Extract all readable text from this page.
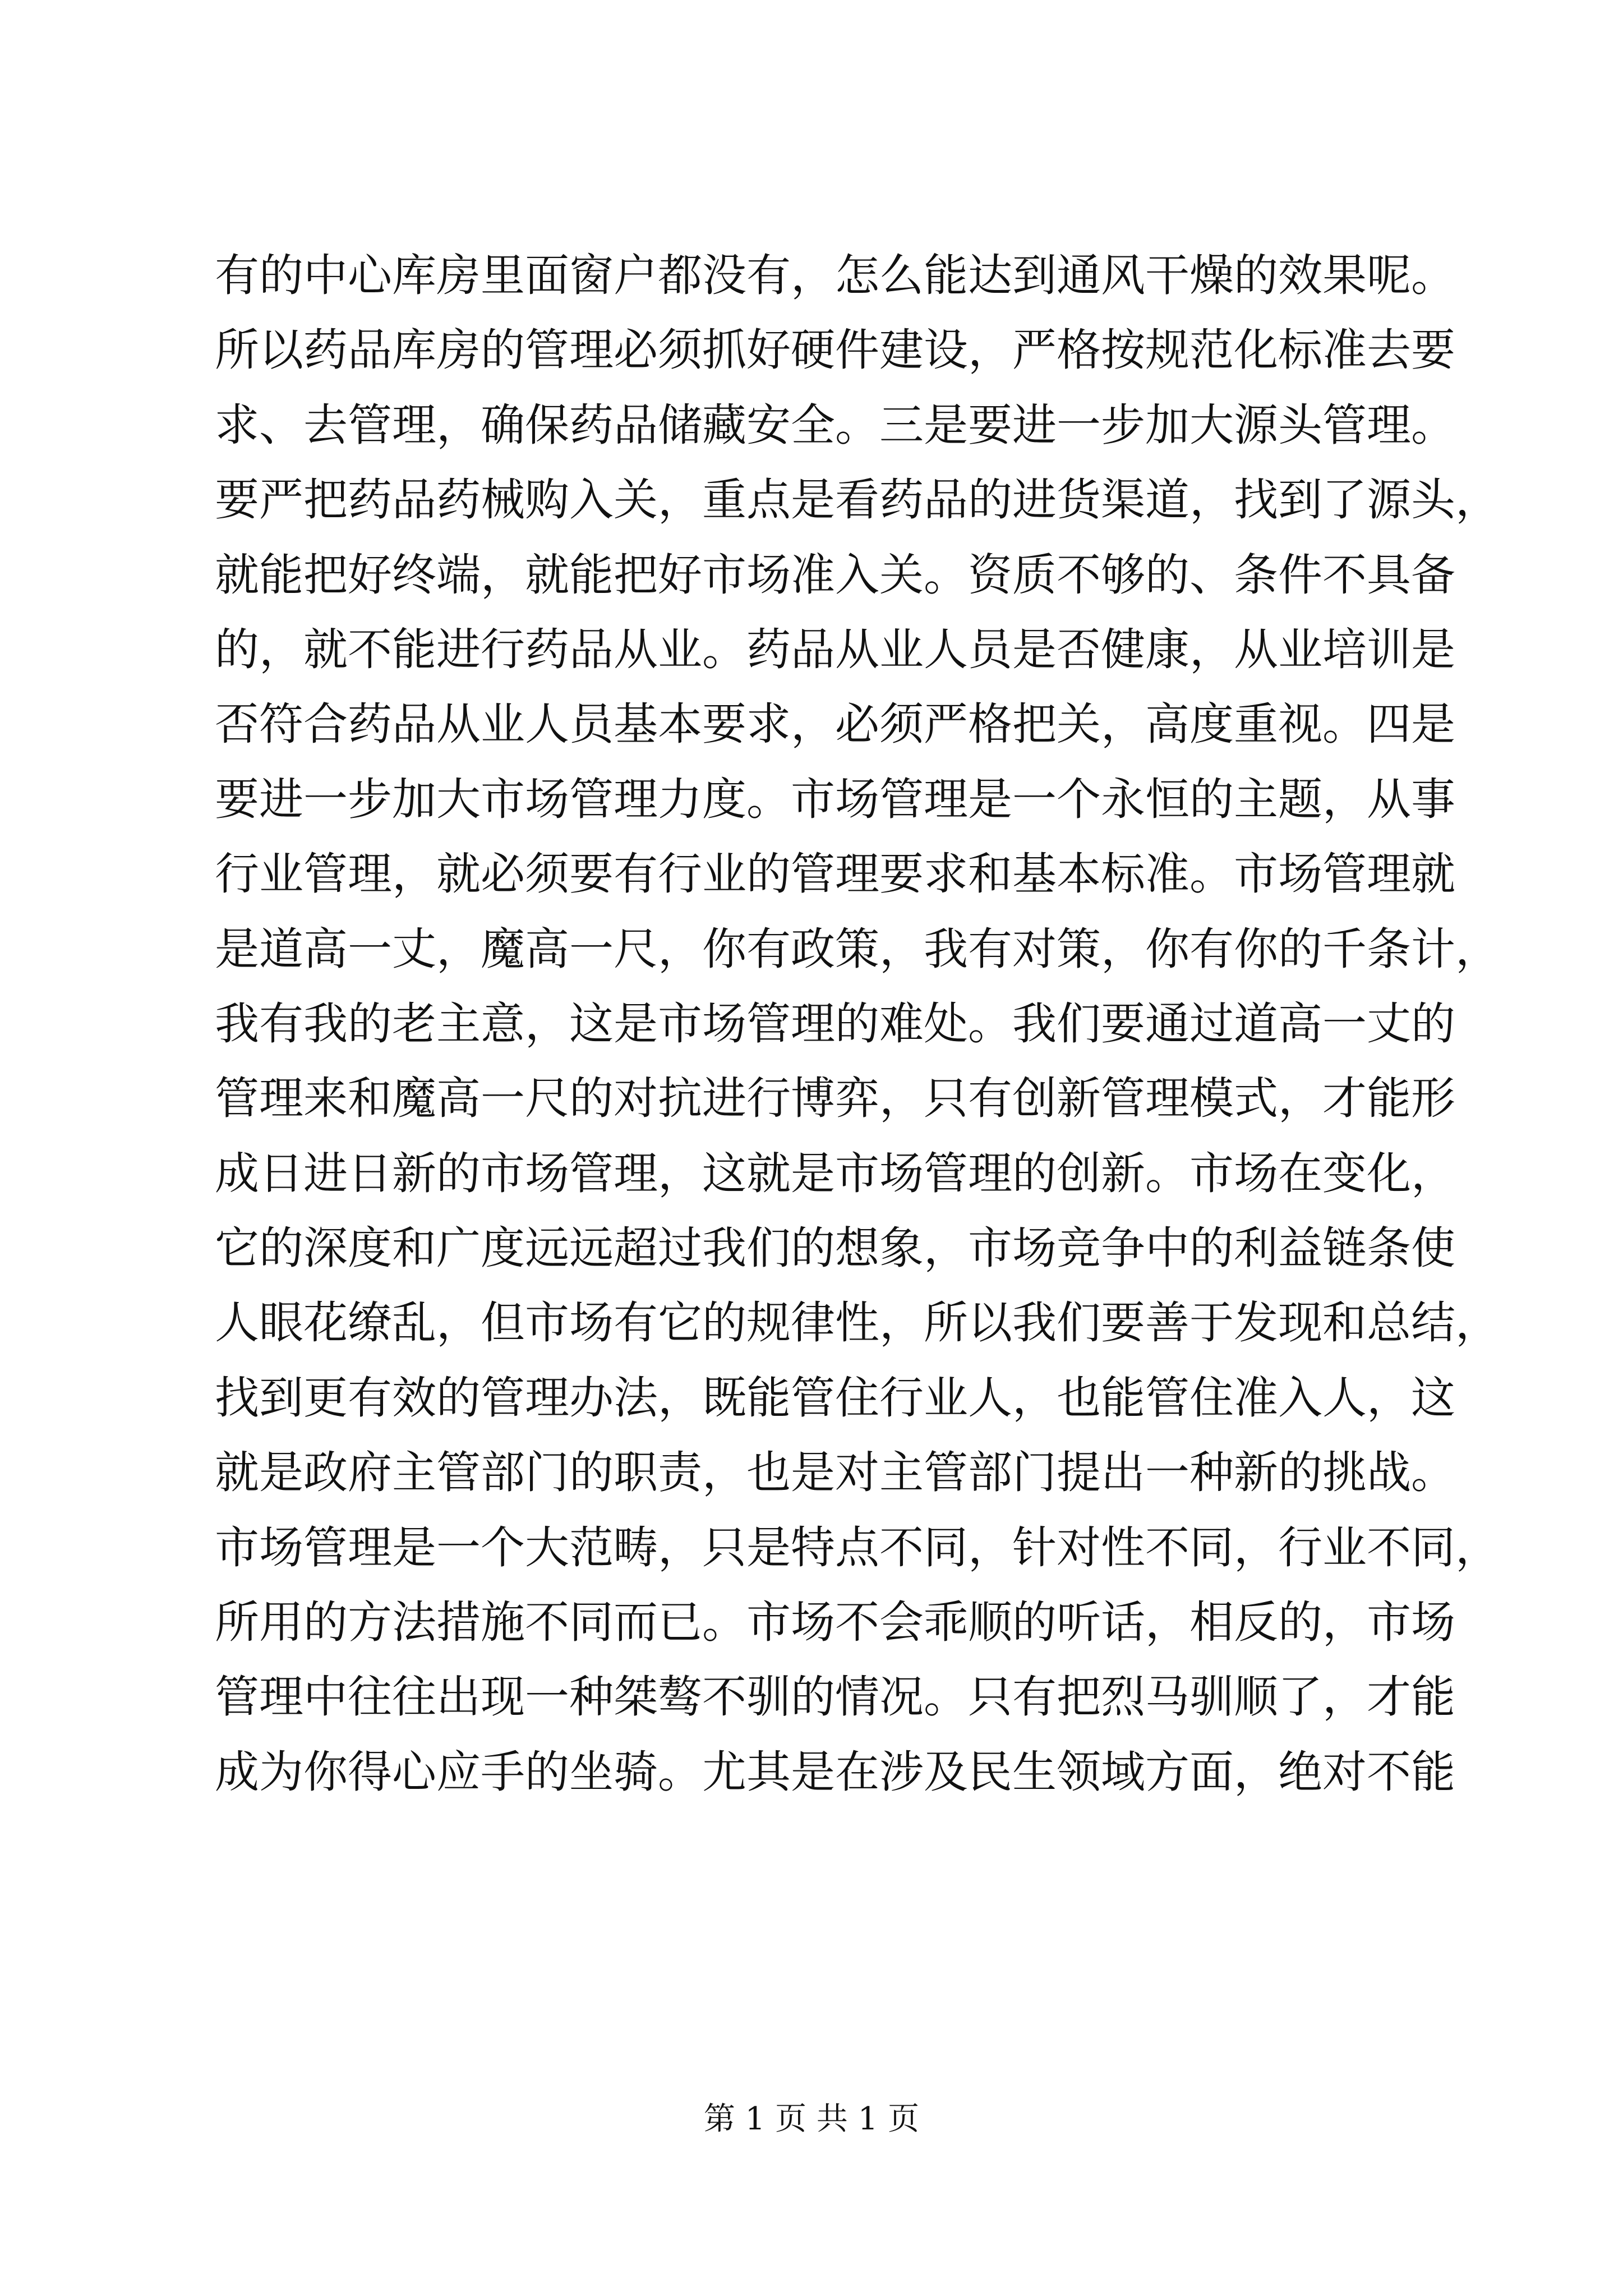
有的中心库房里面窗户都没有，怎么能达到通风干燥的效果呢。
所以药品库房的管理必须抓好硬件建设，严格按规范化标准去要
求、去管理，确保药品储藏安全。三是要进一步加大源头管理。
要严把药品药械购入关，重点是看药品的进货渠道，找到了源头，
就能把好终端，就能把好市场准入关。资质不够的、条件不具备
的，就不能进行药品从业。药品从业人员是否健康，从业培训是
否符合药品从业人员基本要求，必须严格把关，高度重视。四是
要进一步加大市场管理力度。市场管理是一个永恒的主题，从事
行业管理，就必须要有行业的管理要求和基本标准。市场管理就
是道高一丈，魔高一尺，你有政策，我有对策，你有你的千条计，
我有我的老主意，这是市场管理的难处。我们要通过道高一丈的
管理来和魔高一尺的对抗进行博弈，只有创新管理模式，才能形
成日进日新的市场管理，这就是市场管理的创新。市场在变化，
它的深度和广度远远超过我们的想象，市场竞争中的利益链条使
人眼花缭乱，但市场有它的规律性，所以我们要善于发现和总结，
找到更有效的管理办法，既能管住行业人，也能管住准入人，这
就是政府主管部门的职责，也是对主管部门提出一种新的挑战。
市场管理是一个大范畴，只是特点不同，针对性不同，行业不同，
所用的方法措施不同而已。市场不会乖顺的听话，相反的，市场
管理中往往出现一种桀骜不驯的情况。只有把烈马驯顺了，才能
成为你得心应手的坐骑。尤其是在涉及民生领域方面，绝对不能
第 1 页 共 1 页
